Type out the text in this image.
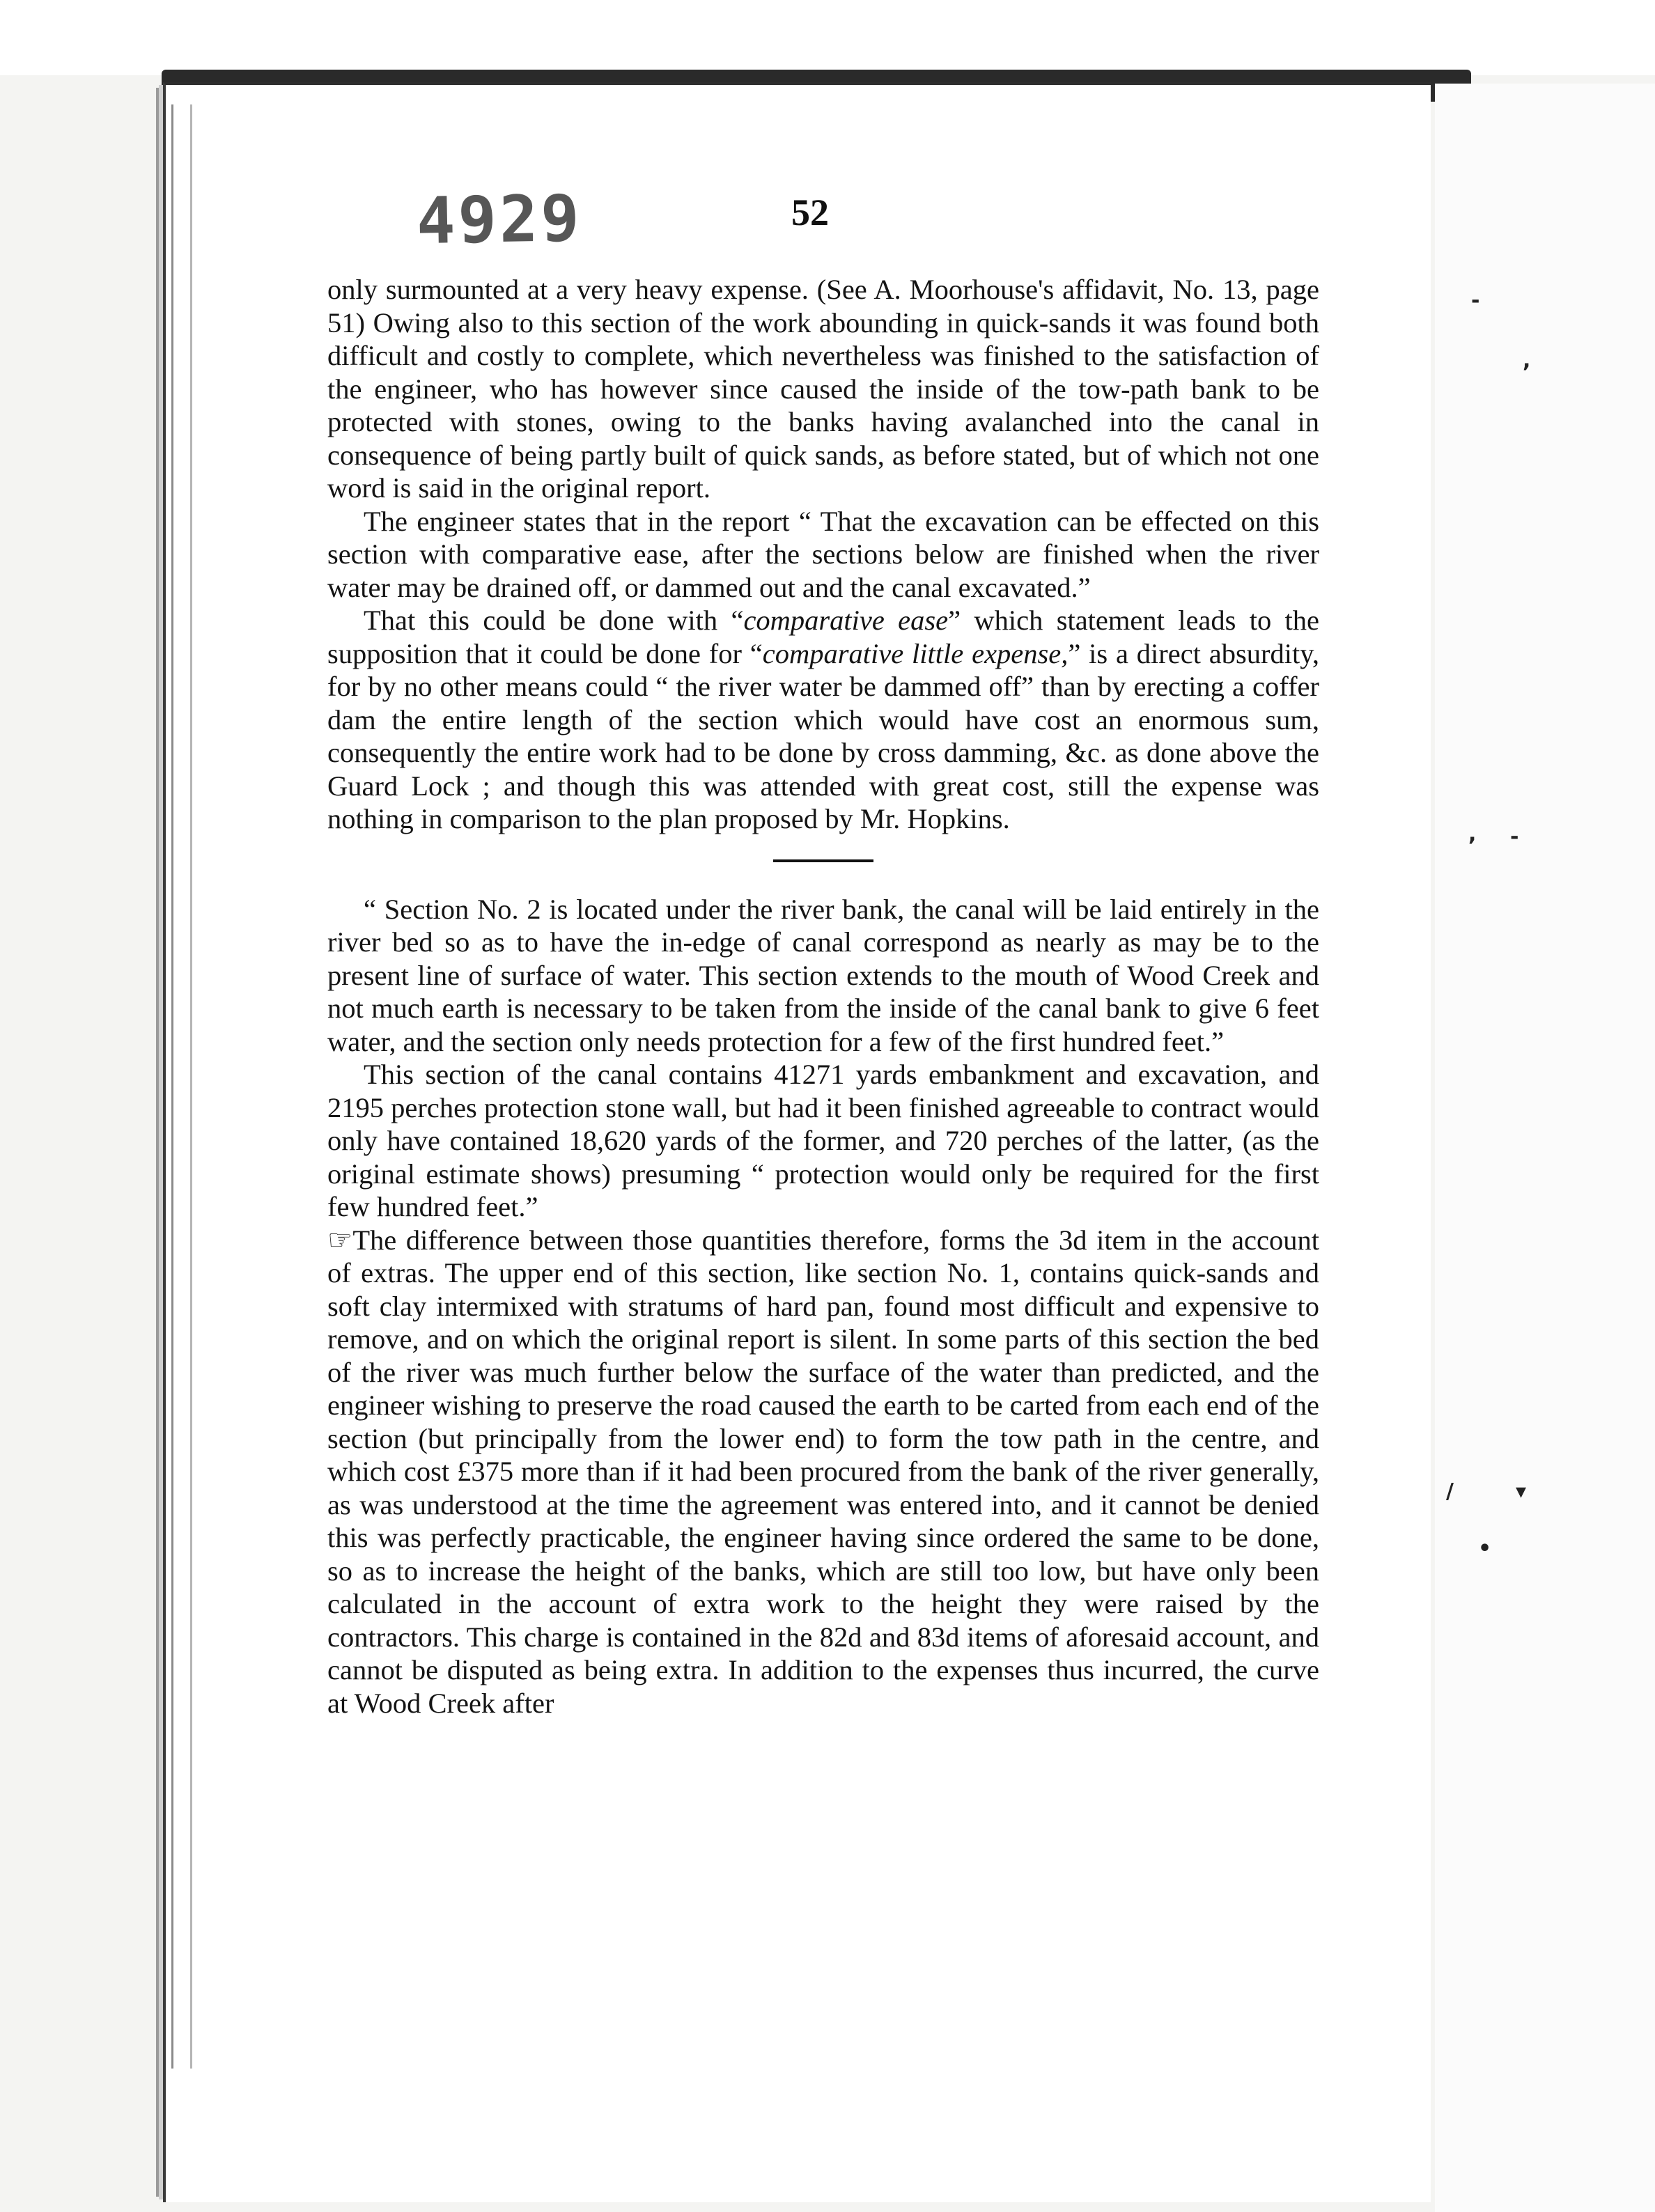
4929	52
-
,
, -
/	▾
•

only surmounted at a very heavy expense. (See A. Moorhouse's affidavit, No. 13, page 51) Owing also to this section of the work abounding in quick-sands it was found both difficult and costly to complete, which nevertheless was finished to the satisfaction of the engineer, who has however since caused the inside of the tow-path bank to be protected with stones, owing to the banks having avalanched into the canal in consequence of being partly built of quick sands, as before stated, but of which not one word is said in the original report.

The engineer states that in the report “ That the excavation can be effected on this section with comparative ease, after the sections below are finished when the river water may be drained off, or dammed out and the canal excavated.”

That this could be done with “comparative ease” which statement leads to the supposition that it could be done for “comparative little expense,” is a direct absurdity, for by no other means could “ the river water be dammed off” than by erecting a coffer dam the entire length of the section which would have cost an enormous sum, consequently the entire work had to be done by cross damming, &c. as done above the Guard Lock ; and though this was attended with great cost, still the expense was nothing in comparison to the plan proposed by Mr. Hopkins.

“ Section No. 2 is located under the river bank, the canal will be laid entirely in the river bed so as to have the in-edge of canal correspond as nearly as may be to the present line of surface of water. This section extends to the mouth of Wood Creek and not much earth is necessary to be taken from the inside of the canal bank to give 6 feet water, and the section only needs protection for a few of the first hundred feet.”

This section of the canal contains 41271 yards embankment and excavation, and 2195 perches protection stone wall, but had it been finished agreeable to contract would only have contained 18,620 yards of the former, and 720 perches of the latter, (as the original estimate shows) presuming “ protection would only be required for the first few hundred feet.”

☞The difference between those quantities therefore, forms the 3d item in the account of extras. The upper end of this section, like section No. 1, contains quick-sands and soft clay intermixed with stratums of hard pan, found most difficult and expensive to remove, and on which the original report is silent. In some parts of this section the bed of the river was much further below the surface of the water than predicted, and the engineer wishing to preserve the road caused the earth to be carted from each end of the section (but principally from the lower end) to form the tow path in the centre, and which cost £375 more than if it had been procured from the bank of the river generally, as was understood at the time the agreement was entered into, and it cannot be denied this was perfectly practicable, the engineer having since ordered the same to be done, so as to increase the height of the banks, which are still too low, but have only been calculated in the account of extra work to the height they were raised by the contractors. This charge is contained in the 82d and 83d items of aforesaid account, and cannot be disputed as being extra. In addition to the expenses thus incurred, the curve at Wood Creek after
